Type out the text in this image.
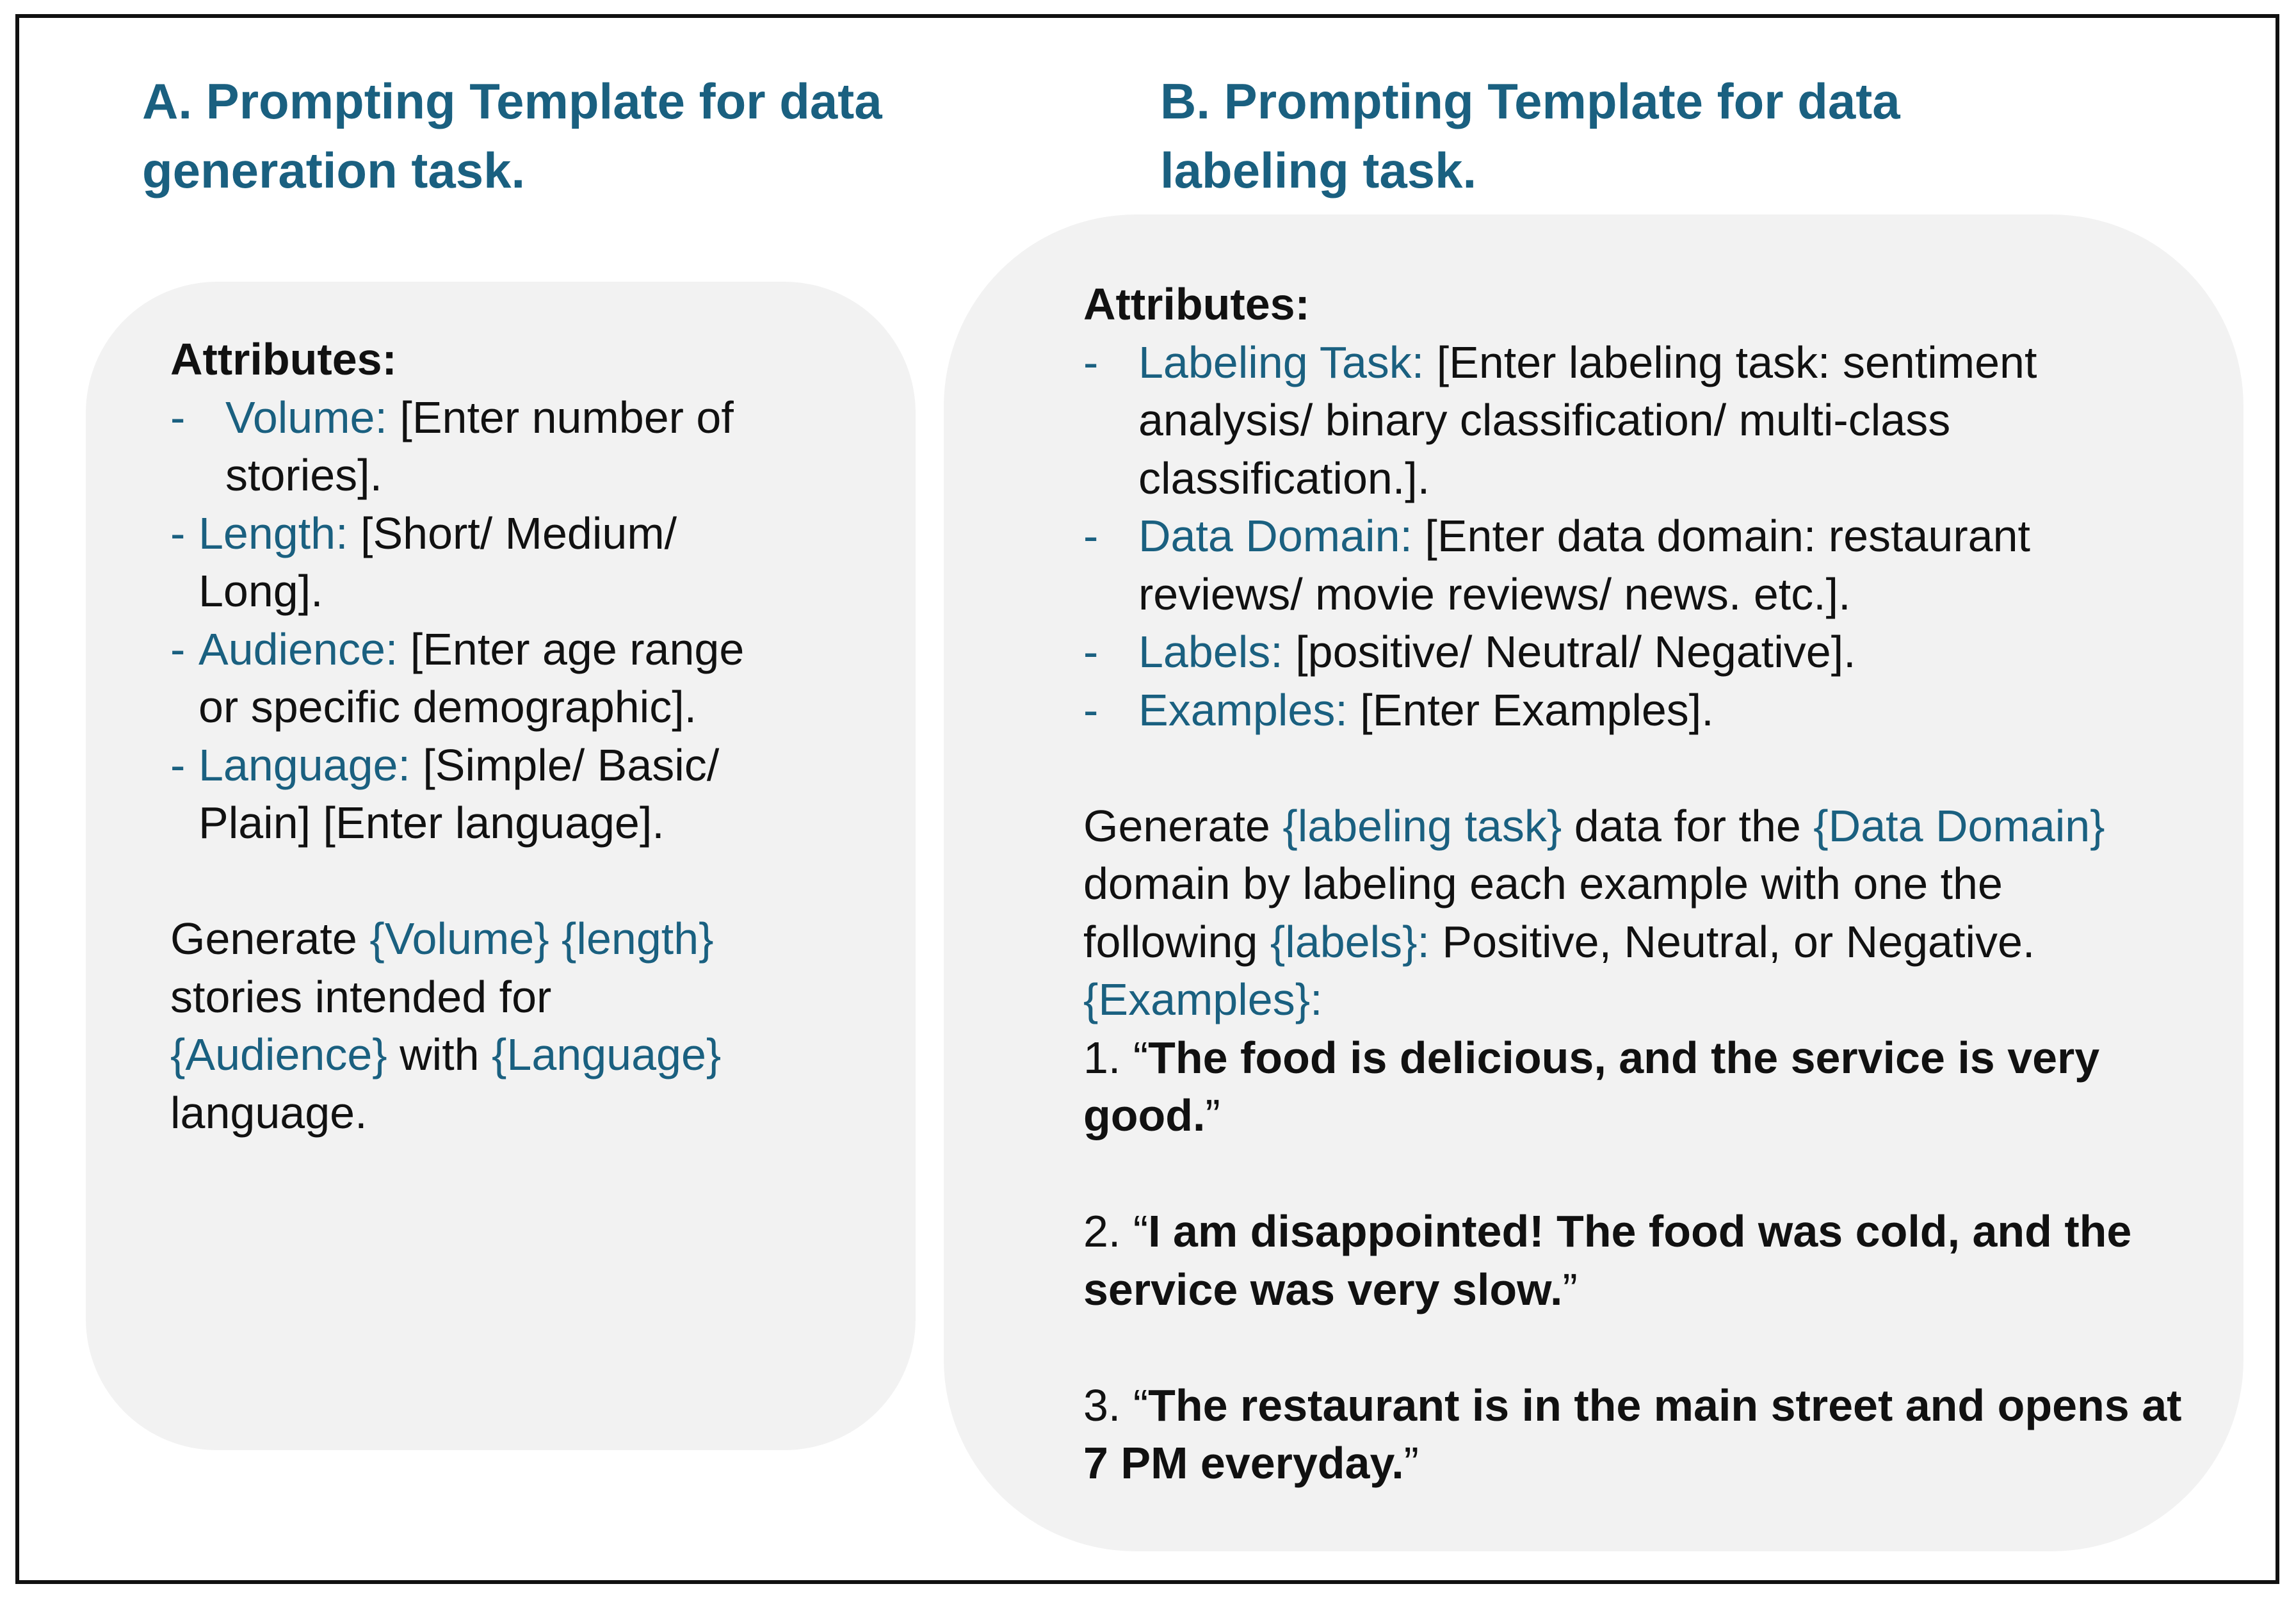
A. Prompting Template for data
generation task.
B. Prompting Template for data
labeling task.
Attributes:
- Volume: [Enter number of
stories].
- Length: [Short/ Medium/
Long].
- Audience: [Enter age range
or specific demographic].
- Language: [Simple/ Basic/
Plain] [Enter language].
Generate {Volume} {length}
stories intended for
{Audience} with {Language}
language.
Attributes:
- Labeling Task: [Enter labeling task: sentiment
analysis/ binary classification/ multi-class
classification.].
- Data Domain: [Enter data domain: restaurant
reviews/ movie reviews/ news. etc.].
- Labels: [positive/ Neutral/ Negative].
- Examples: [Enter Examples].
Generate {labeling task} data for the {Data Domain}
domain by labeling each example with one the
following {labels}: Positive, Neutral, or Negative.
{Examples}:
1. “The food is delicious, and the service is very
good.”
2. “I am disappointed! The food was cold, and the
service was very slow.”
3. “The restaurant is in the main street and opens at
7 PM everyday.”
